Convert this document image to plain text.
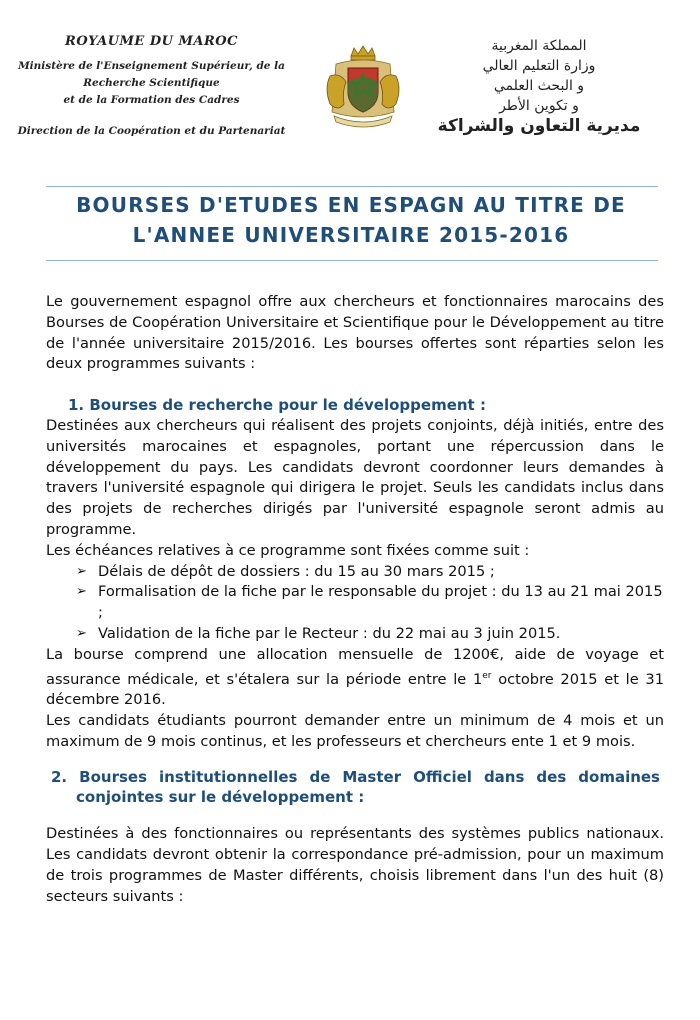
ROYAUME DU MAROC
Ministère de l'Enseignement Supérieur, de la
Recherche Scientifique
et de la Formation des Cadres
Direction de la Coopération et du Partenariat
المملكة المغربية
وزارة التعليم العالي
و البحث العلمي
و تكوين الأطر
مديرية التعاون والشراكة
BOURSES D'ETUDES EN ESPAGN AU TITRE DE
L'ANNEE UNIVERSITAIRE 2015-2016

Le gouvernement espagnol offre aux chercheurs et fonctionnaires marocains des Bourses de Coopération Universitaire et Scientifique pour le Développement au titre de l'année universitaire 2015/2016. Les bourses offertes sont réparties selon les deux programmes suivants :

1. Bourses de recherche pour le développement :

Destinées aux chercheurs qui réalisent des projets conjoints, déjà initiés, entre des universités marocaines et espagnoles, portant une répercussion dans le développement du pays. Les candidats devront coordonner leurs demandes à travers l'université espagnole qui dirigera le projet. Seuls les candidats inclus dans des projets de recherches dirigés par l'université espagnole seront admis au programme.

Les échéances relatives à ce programme sont fixées comme suit :

➢ Délais de dépôt de dossiers : du 15 au 30 mars 2015 ;
➢ Formalisation de la fiche par le responsable du projet : du 13 au 21 mai 2015 ;
➢ Validation de la fiche par le Recteur : du 22 mai au 3 juin 2015.

La bourse comprend une allocation mensuelle de 1200€, aide de voyage et assurance médicale, et s'étalera sur la période entre le 1er octobre 2015 et le 31 décembre 2016.

Les candidats étudiants pourront demander entre un minimum de 4 mois et un maximum de 9 mois continus, et les professeurs et chercheurs ente 1 et 9 mois.

2. Bourses institutionnelles de Master Officiel dans des domaines conjointes sur le développement :

Destinées à des fonctionnaires ou représentants des systèmes publics nationaux. Les candidats devront obtenir la correspondance pré-admission, pour un maximum de trois programmes de Master différents, choisis librement dans l'un des huit (8) secteurs suivants :
